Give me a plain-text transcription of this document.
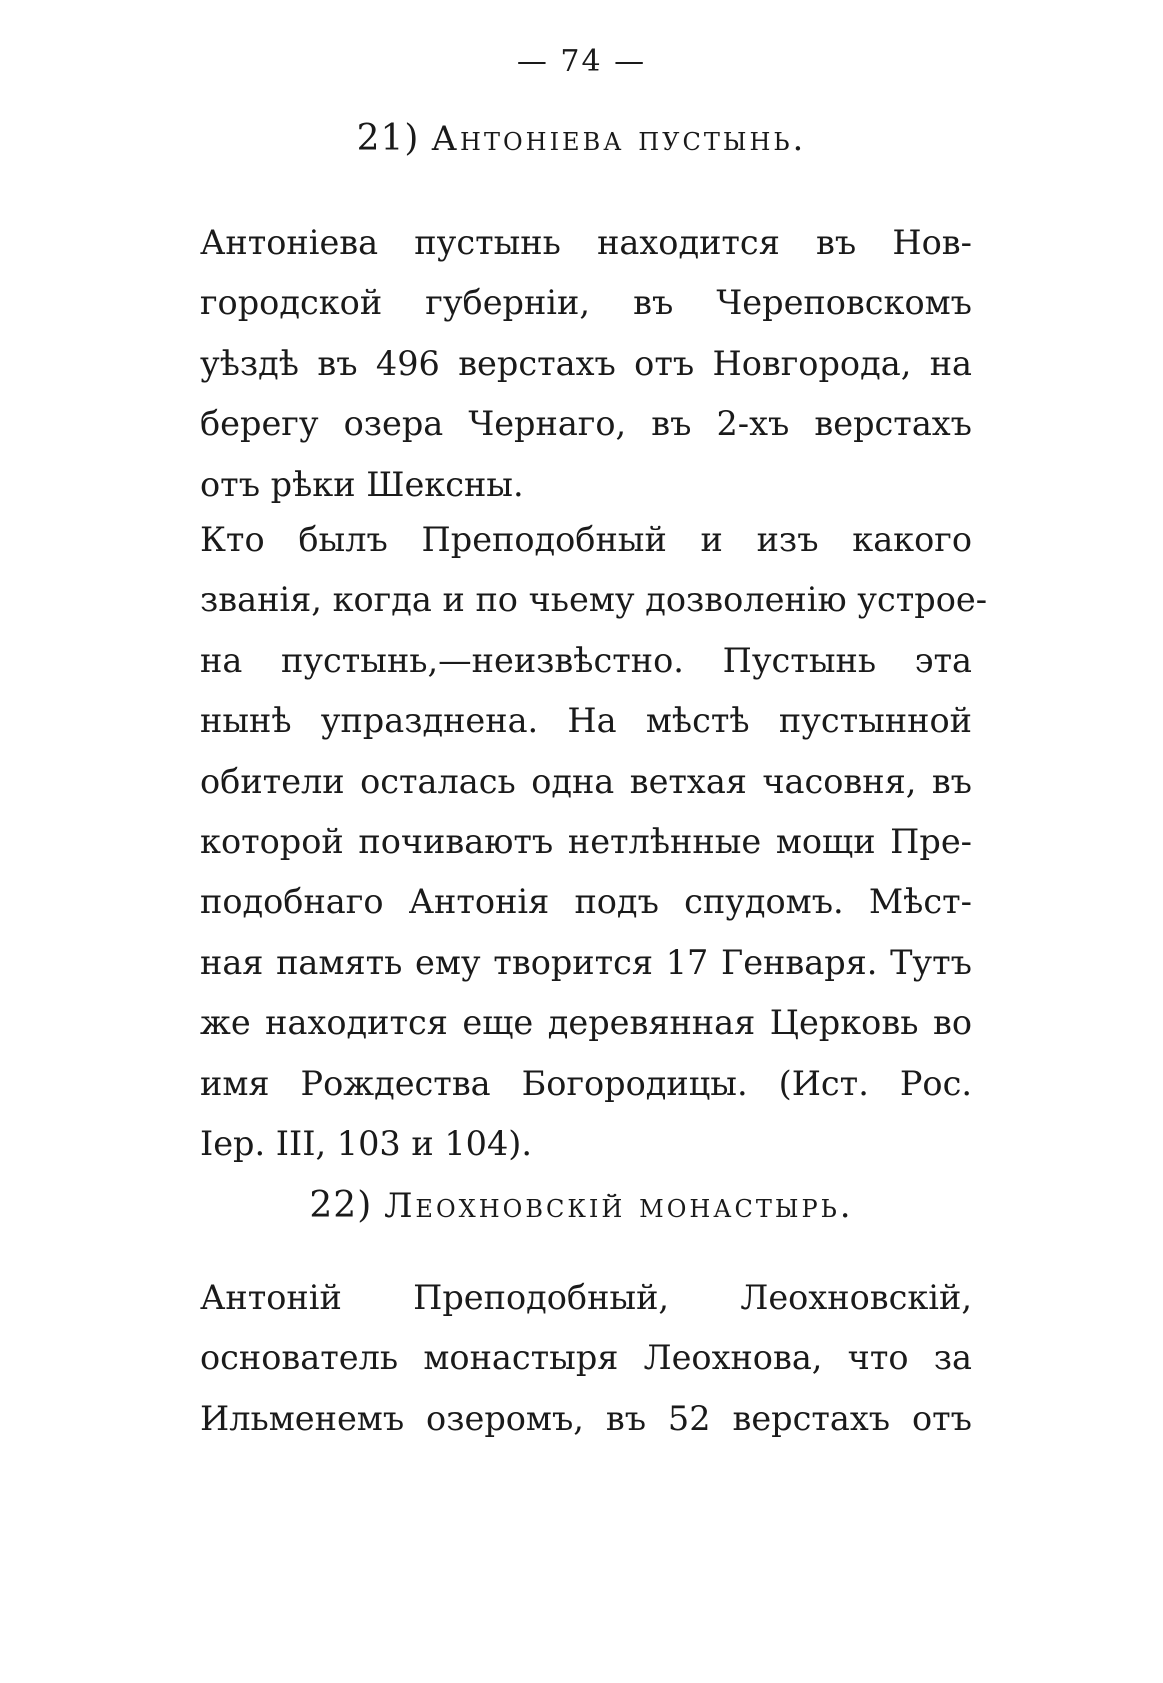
— 74 —
21) Антоніева пустынь.
Антоніева пустынь находится въ Нов-
городской губерніи, въ Череповскомъ
уѣздѣ въ 496 верстахъ отъ Новгорода, на
берегу озера Чернаго, въ 2-хъ верстахъ
отъ рѣки Шексны.
Кто былъ Преподобный и изъ какого
званія, когда и по чьему дозволенію устрое-
на пустынь,—неизвѣстно. Пустынь эта
нынѣ упразднена. На мѣстѣ пустынной
обители осталась одна ветхая часовня, въ
которой почиваютъ нетлѣнные мощи Пре-
подобнаго Антонія подъ спудомъ. Мѣст-
ная память ему творится 17 Генваря. Тутъ
же находится еще деревянная Церковь во
имя Рождества Богородицы. (Ист. Рос.
Іер. III, 103 и 104).
22) Леохновскій монастырь.
Антоній Преподобный, Леохновскій,
основатель монастыря Леохнова, что за
Ильменемъ озеромъ, въ 52 верстахъ отъ
